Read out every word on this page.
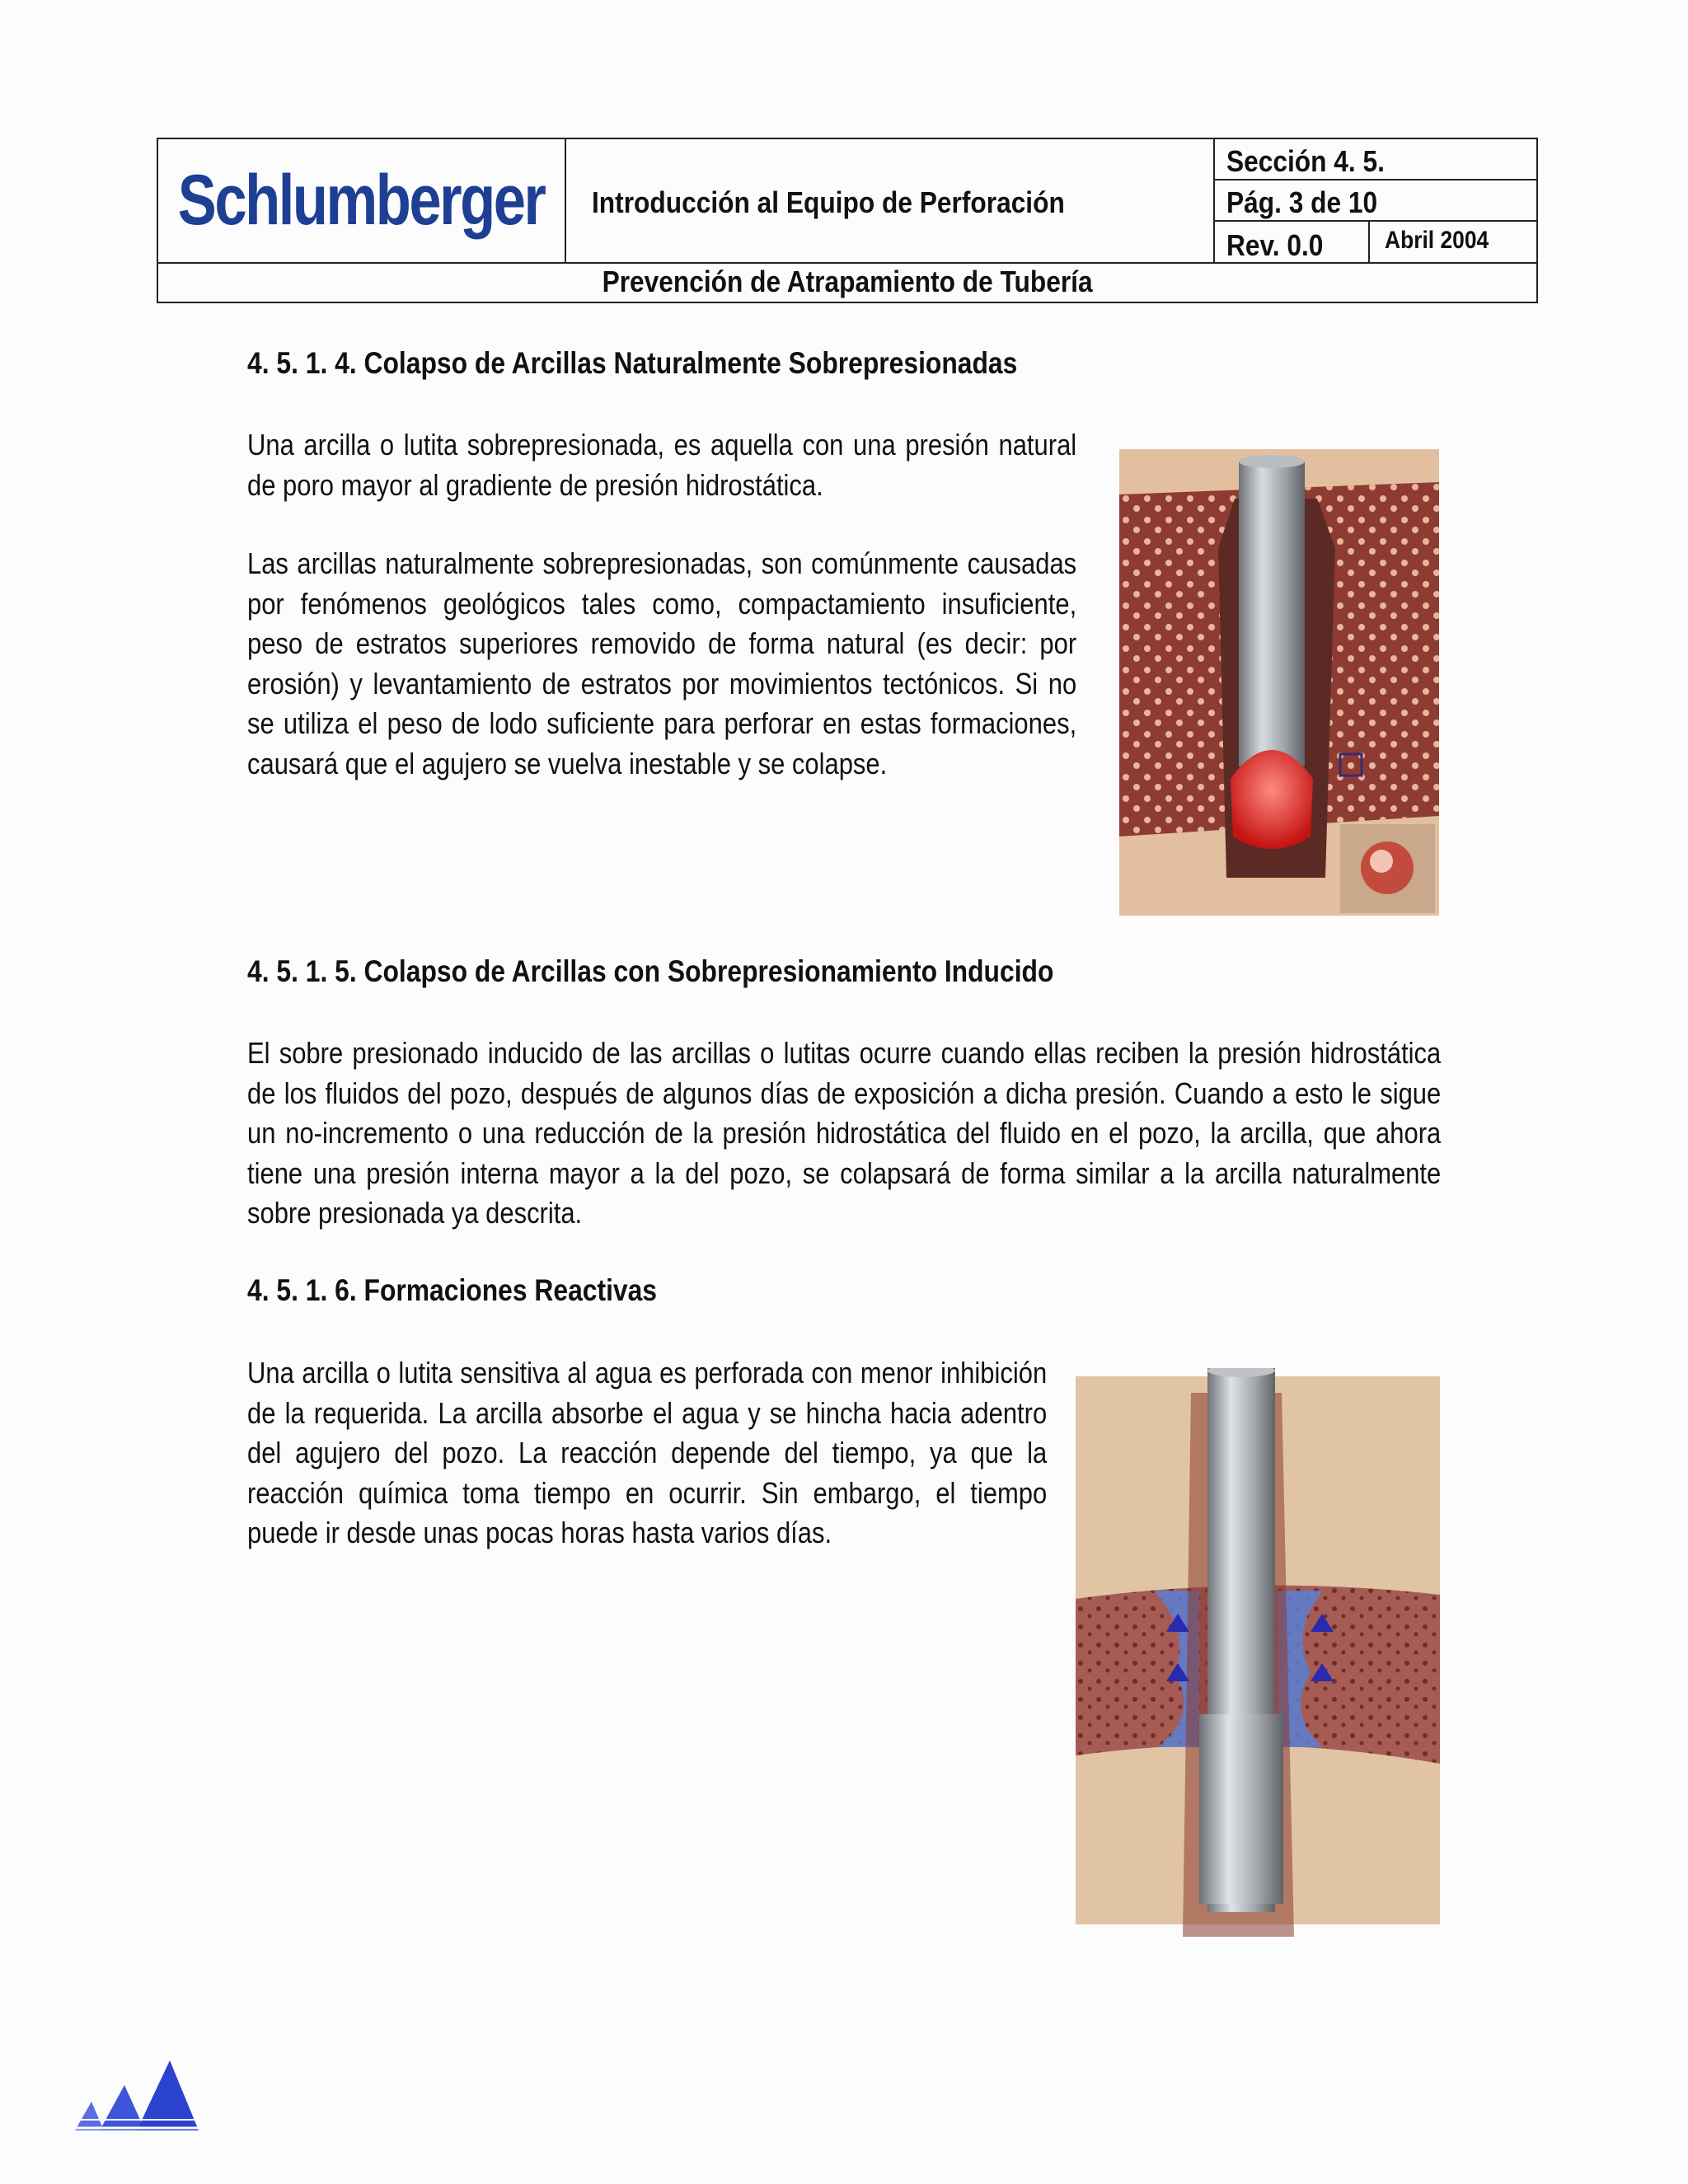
Schlumberger Introducción al Equipo de Perforación
Sección 4. 5.
Pág. 3 de 10
Rev. 0.0 Abril 2004
Prevención de Atrapamiento de Tubería
4. 5. 1. 4. Colapso de Arcillas Naturalmente Sobrepresionadas
Una arcilla o lutita sobrepresionada, es aquella con una presión natural de poro mayor al gradiente de presión hidrostática.
Las arcillas naturalmente sobrepresionadas, son comúnmente causadas por fenómenos geológicos tales como, compactamiento insuficiente, peso de estratos superiores removido de forma natural (es decir: por erosión) y levantamiento de estratos por movimientos tectónicos. Si no se utiliza el peso de lodo suficiente para perforar en estas formaciones, causará que el agujero se vuelva inestable y se colapse.
4. 5. 1. 5. Colapso de Arcillas con Sobrepresionamiento Inducido
El sobre presionado inducido de las arcillas o lutitas ocurre cuando ellas reciben la presión hidrostática de los fluidos del pozo, después de algunos días de exposición a dicha presión. Cuando a esto le sigue un no-incremento o una reducción de la presión hidrostática del fluido en el pozo, la arcilla, que ahora tiene una presión interna mayor a la del pozo, se colapsará de forma similar a la arcilla naturalmente sobre presionada ya descrita.
4. 5. 1. 6. Formaciones Reactivas
Una arcilla o lutita sensitiva al agua es perforada con menor inhibición de la requerida. La arcilla absorbe el agua y se hincha hacia adentro del agujero del pozo. La reacción depende del tiempo, ya que la reacción química toma tiempo en ocurrir. Sin embargo, el tiempo puede ir desde unas pocas horas hasta varios días.
